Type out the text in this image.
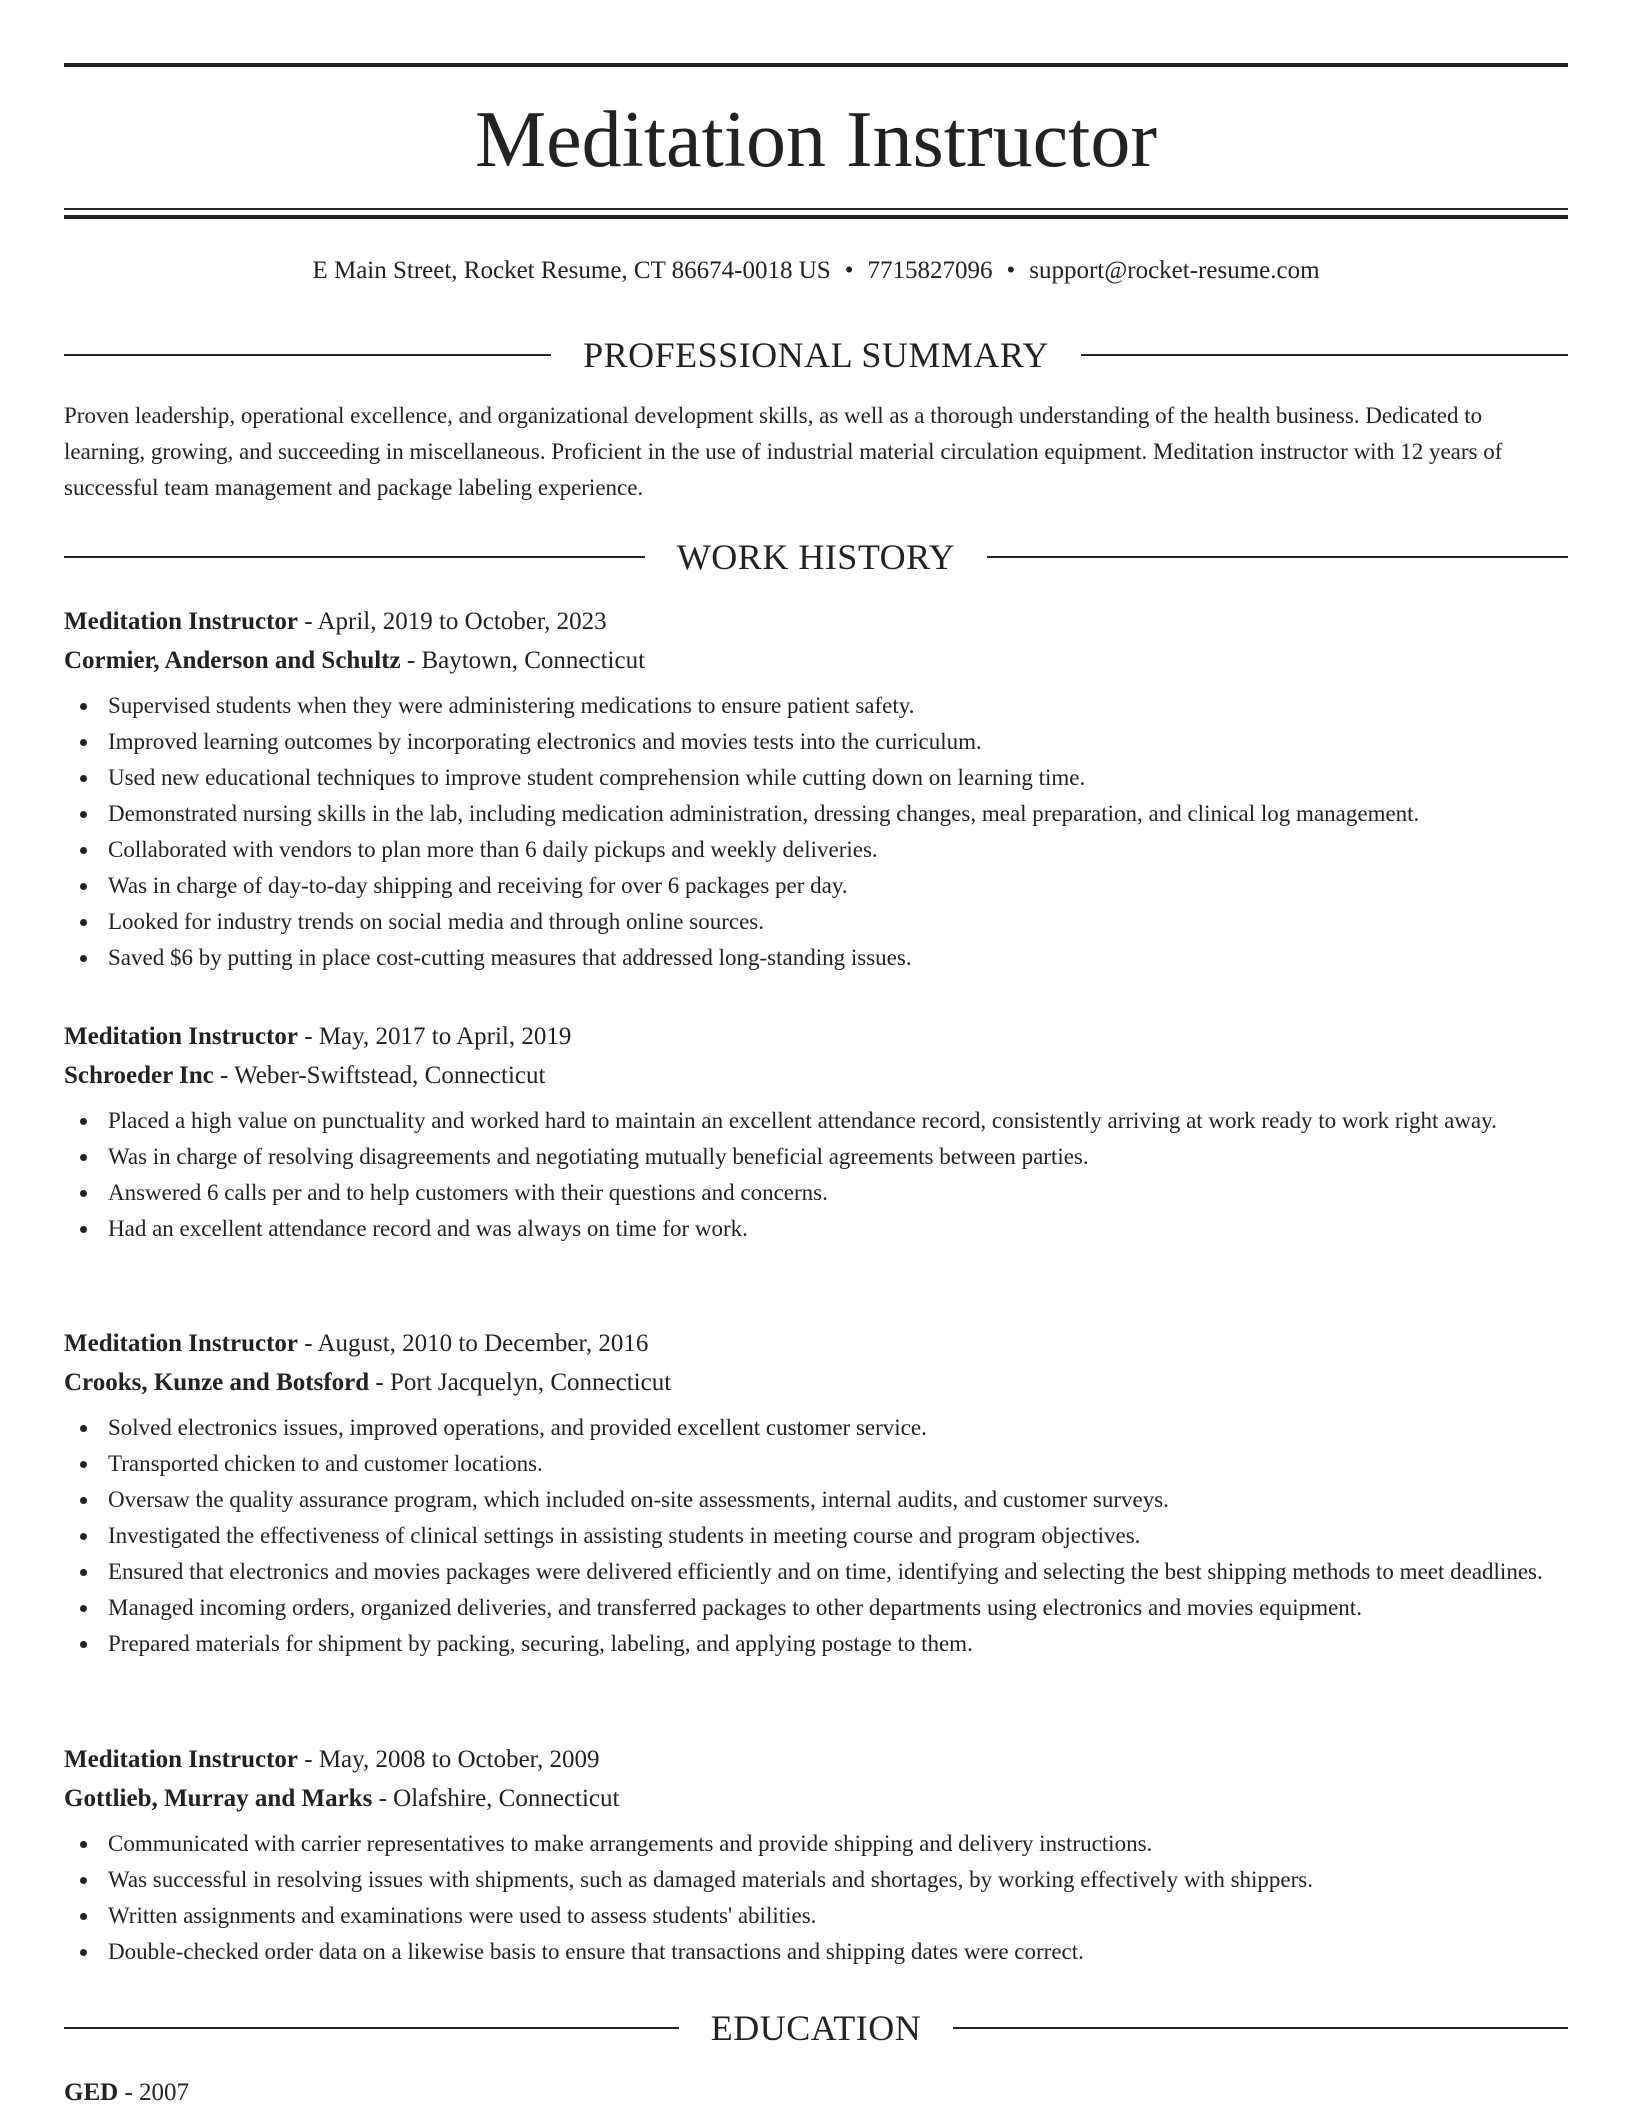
Meditation Instructor
E Main Street, Rocket Resume, CT 86674-0018 US • 7715827096 • support@rocket-resume.com
PROFESSIONAL SUMMARY

Proven leadership, operational excellence, and organizational development skills, as well as a thorough understanding of the health business. Dedicated to learning, growing, and succeeding in miscellaneous. Proficient in the use of industrial material circulation equipment. Meditation instructor with 12 years of successful team management and package labeling experience.

WORK HISTORY
Meditation Instructor - April, 2019 to October, 2023
Cormier, Anderson and Schultz - Baytown, Connecticut
Supervised students when they were administering medications to ensure patient safety.
Improved learning outcomes by incorporating electronics and movies tests into the curriculum.
Used new educational techniques to improve student comprehension while cutting down on learning time.
Demonstrated nursing skills in the lab, including medication administration, dressing changes, meal preparation, and clinical log management.
Collaborated with vendors to plan more than 6 daily pickups and weekly deliveries.
Was in charge of day-to-day shipping and receiving for over 6 packages per day.
Looked for industry trends on social media and through online sources.
Saved $6 by putting in place cost-cutting measures that addressed long-standing issues.
Meditation Instructor - May, 2017 to April, 2019
Schroeder Inc - Weber-Swiftstead, Connecticut
Placed a high value on punctuality and worked hard to maintain an excellent attendance record, consistently arriving at work ready to work right away.
Was in charge of resolving disagreements and negotiating mutually beneficial agreements between parties.
Answered 6 calls per and to help customers with their questions and concerns.
Had an excellent attendance record and was always on time for work.
Meditation Instructor - August, 2010 to December, 2016
Crooks, Kunze and Botsford - Port Jacquelyn, Connecticut
Solved electronics issues, improved operations, and provided excellent customer service.
Transported chicken to and customer locations.
Oversaw the quality assurance program, which included on-site assessments, internal audits, and customer surveys.
Investigated the effectiveness of clinical settings in assisting students in meeting course and program objectives.
Ensured that electronics and movies packages were delivered efficiently and on time, identifying and selecting the best shipping methods to meet deadlines.
Managed incoming orders, organized deliveries, and transferred packages to other departments using electronics and movies equipment.
Prepared materials for shipment by packing, securing, labeling, and applying postage to them.
Meditation Instructor - May, 2008 to October, 2009
Gottlieb, Murray and Marks - Olafshire, Connecticut
Communicated with carrier representatives to make arrangements and provide shipping and delivery instructions.
Was successful in resolving issues with shipments, such as damaged materials and shortages, by working effectively with shippers.
Written assignments and examinations were used to assess students' abilities.
Double-checked order data on a likewise basis to ensure that transactions and shipping dates were correct.
EDUCATION
GED - 2007
